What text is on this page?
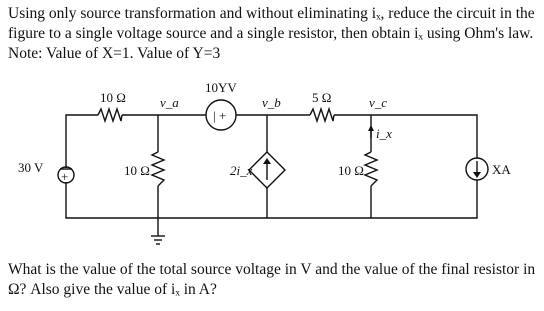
Using only source transformation and without eliminating iₓ, reduce the circuit in the figure to a single voltage source and a single resistor, then obtain iₓ using Ohm's law. Note: Value of X=1. Value of Y=3
| +
+
10 Ω	v_a
10YV
v_b 5 Ω	v_c
30 V	10 Ω	2i_x	10 Ω
i_x
XA
What is the value of the total source voltage in V and the value of the final resistor in Ω? Also give the value of iₓ in A?
